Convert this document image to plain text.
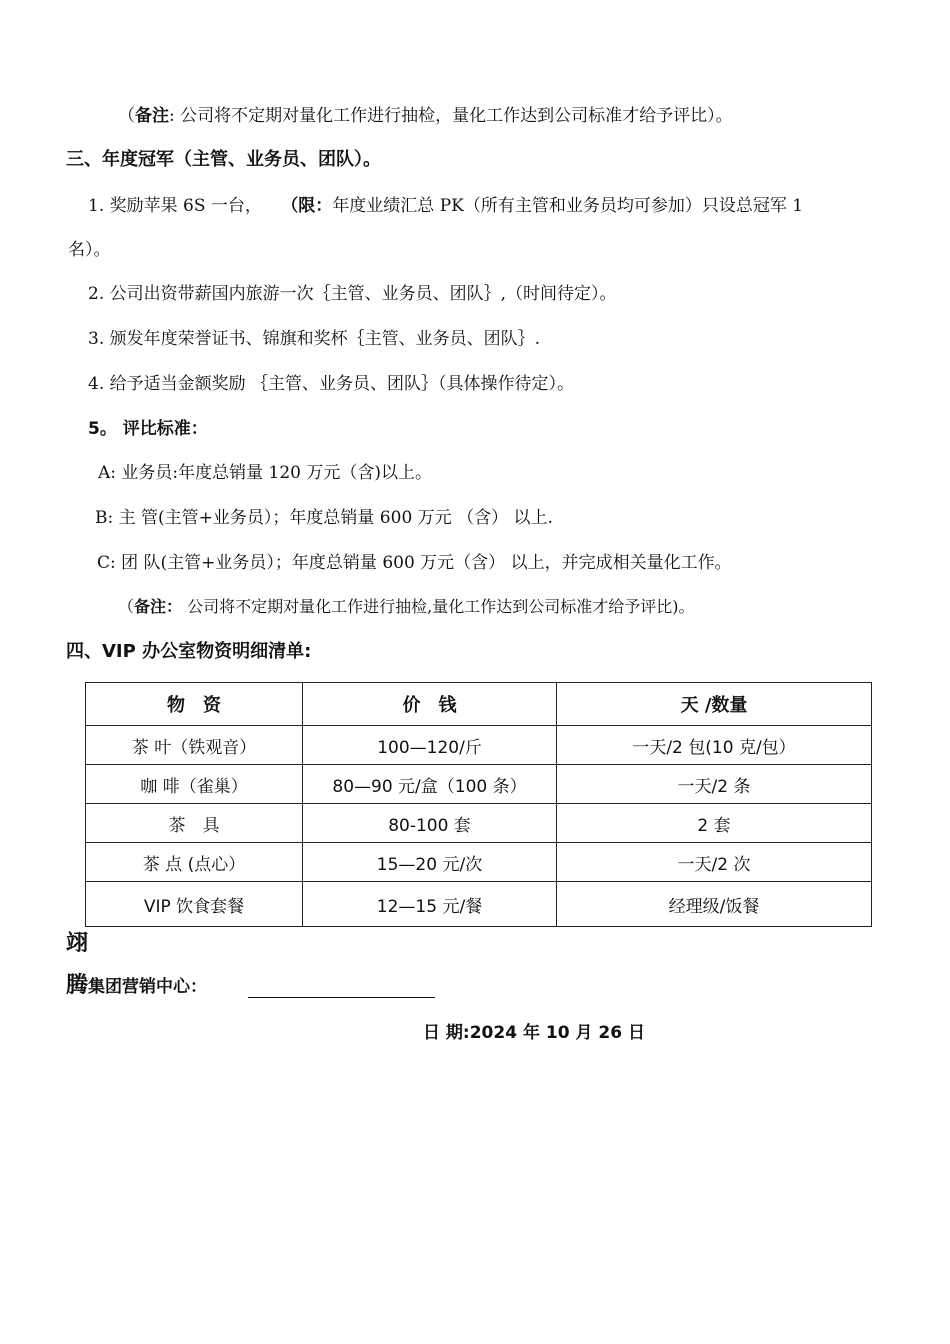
（备注: 公司将不定期对量化工作进行抽检，量化工作达到公司标准才给予评比）。
三、年度冠军（主管、业务员、团队）。
1. 奖励苹果 6S 一台， （限：年度业绩汇总 PK（所有主管和业务员均可参加）只设总冠军 1
名）。
2. 公司出资带薪国内旅游一次｛主管、业务员、团队｝,（时间待定）。
3. 颁发年度荣誉证书、锦旗和奖杯｛主管、业务员、团队｝.
4. 给予适当金额奖励 ｛主管、业务员、团队｝（具体操作待定）。
5。 评比标准：
A: 业务员:年度总销量 120 万元（含)以上。
B: 主 管(主管+业务员）；年度总销量 600 万元 （含） 以上.
C: 团 队(主管+业务员）；年度总销量 600 万元（含） 以上，并完成相关量化工作。
（备注： 公司将不定期对量化工作进行抽检,量化工作达到公司标准才给予评比)。
四、VIP 办公室物资明细清单:
物　资	价　钱	天 /数量
茶 叶（铁观音）	100—120/斤	一天/2 包(10 克/包）
咖 啡（雀巢）	80—90 元/盒（100 条）	一天/2 条
茶　具	80-100 套	2 套
茶 点 (点心）	15—20 元/次	一天/2 次
VIP 饮食套餐	12—15 元/餐	经理级/饭餐
翊
腾集团营销中心：
日 期:2024 年 10 月 26 日
